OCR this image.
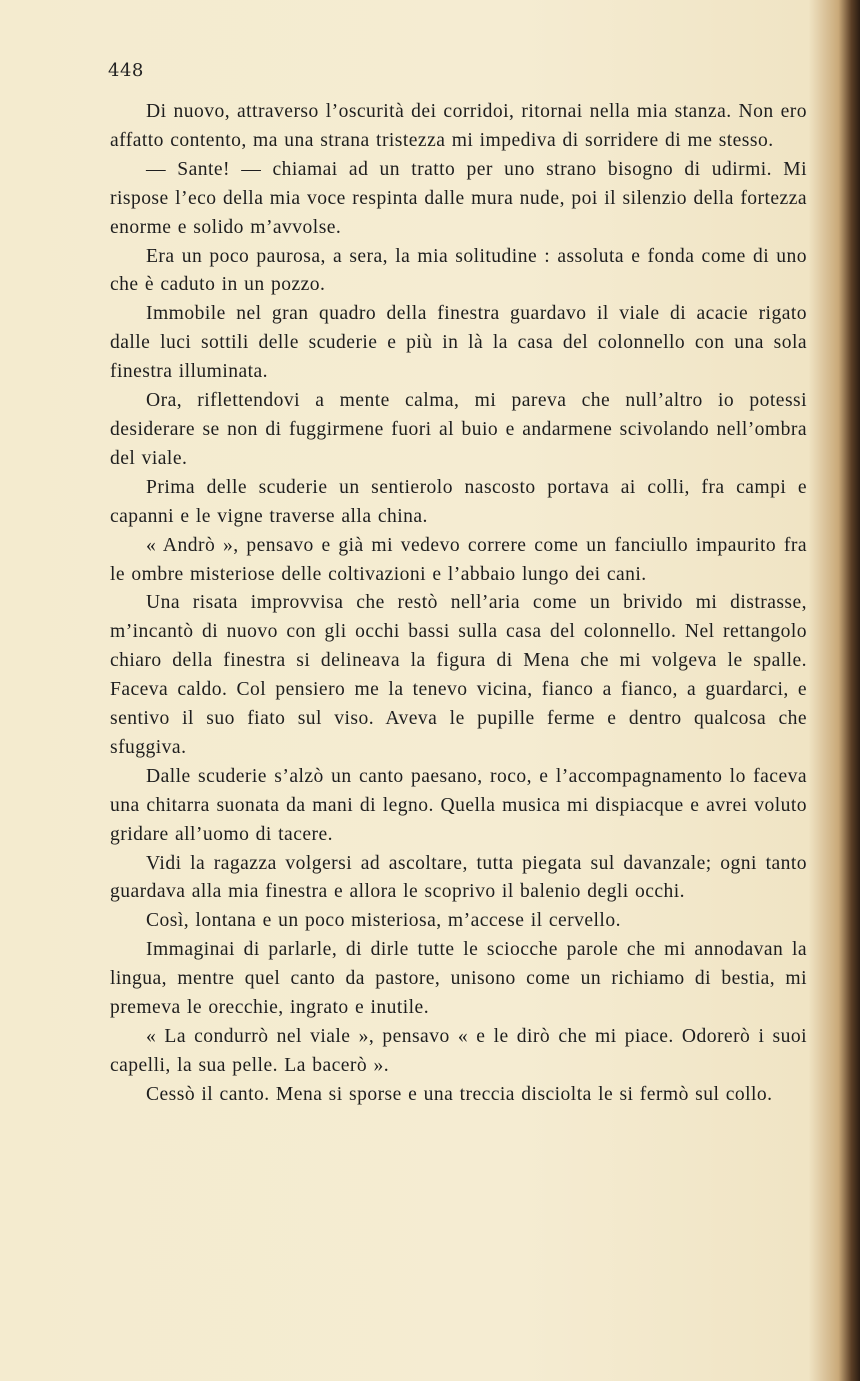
448

Di nuovo, attraverso l’oscurità dei corridoi, ritornai nella mia stanza. Non ero affatto contento, ma una strana tristezza mi impediva di sorridere di me stesso.

— Sante! — chiamai ad un tratto per uno strano bisogno di udirmi. Mi rispose l’eco della mia voce respinta dalle mura nude, poi il silenzio della fortezza enorme e solido m’avvolse.

Era un poco paurosa, a sera, la mia solitudine : assoluta e fonda come di uno che è caduto in un pozzo.

Immobile nel gran quadro della finestra guardavo il viale di acacie rigato dalle luci sottili delle scuderie e più in là la casa del colonnello con una sola finestra illuminata.

Ora, riflettendovi a mente calma, mi pareva che null’altro io potessi desiderare se non di fuggirmene fuori al buio e andarmene scivolando nell’ombra del viale.

Prima delle scuderie un sentierolo nascosto portava ai colli, fra campi e capanni e le vigne traverse alla china.

« Andrò », pensavo e già mi vedevo correre come un fanciullo impaurito fra le ombre misteriose delle coltivazioni e l’abbaio lungo dei cani.

Una risata improvvisa che restò nell’aria come un brivido mi distrasse, m’incantò di nuovo con gli occhi bassi sulla casa del colonnello. Nel rettangolo chiaro della finestra si delineava la figura di Mena che mi volgeva le spalle. Faceva caldo. Col pensiero me la tenevo vicina, fianco a fianco, a guardarci, e sentivo il suo fiato sul viso. Aveva le pupille ferme e dentro qualcosa che sfuggiva.

Dalle scuderie s’alzò un canto paesano, roco, e l’accompagnamento lo faceva una chitarra suonata da mani di legno. Quella musica mi dispiacque e avrei voluto gridare all’uomo di tacere.

Vidi la ragazza volgersi ad ascoltare, tutta piegata sul davanzale; ogni tanto guardava alla mia finestra e allora le scoprivo il balenio degli occhi.

Così, lontana e un poco misteriosa, m’accese il cervello.

Immaginai di parlarle, di dirle tutte le sciocche parole che mi annodavan la lingua, mentre quel canto da pastore, unisono come un richiamo di bestia, mi premeva le orecchie, ingrato e inutile.

« La condurrò nel viale », pensavo « e le dirò che mi piace. Odorerò i suoi capelli, la sua pelle. La bacerò ».

Cessò il canto. Mena si sporse e una treccia disciolta le si fermò sul collo.
